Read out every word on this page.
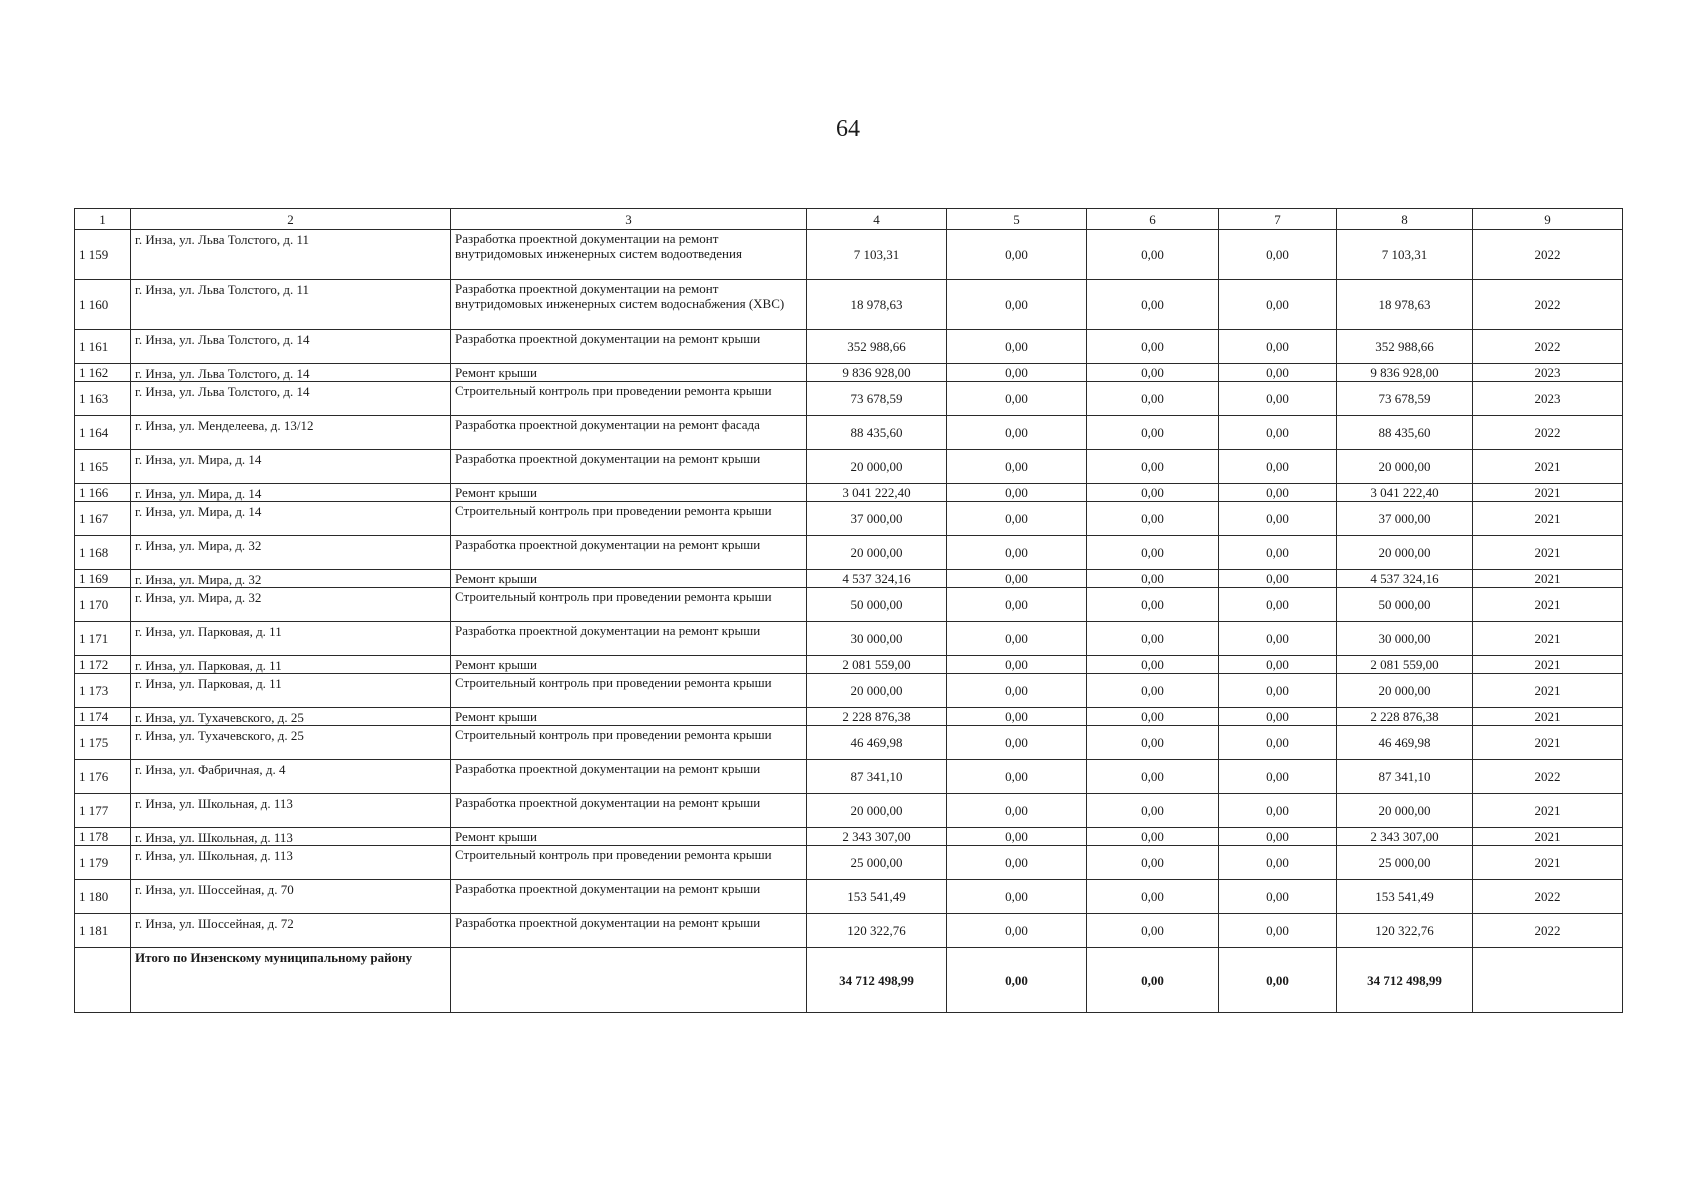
64
1	2	3	4	5	6	7	8	9
1 159	г. Инза, ул. Льва Толстого, д. 11	Разработка проектной документации на ремонт внутридомовых инженерных систем водоотведения	7 103,31	0,00	0,00	0,00	7 103,31	2022
1 160	г. Инза, ул. Льва Толстого, д. 11	Разработка проектной документации на ремонт внутридомовых инженерных систем водоснабжения (ХВС)	18 978,63	0,00	0,00	0,00	18 978,63	2022
1 161	г. Инза, ул. Льва Толстого, д. 14	Разработка проектной документации на ремонт крыши	352 988,66	0,00	0,00	0,00	352 988,66	2022
1 162	г. Инза, ул. Льва Толстого, д. 14	Ремонт крыши	9 836 928,00	0,00	0,00	0,00	9 836 928,00	2023
1 163	г. Инза, ул. Льва Толстого, д. 14	Строительный контроль при проведении ремонта крыши	73 678,59	0,00	0,00	0,00	73 678,59	2023
1 164	г. Инза, ул. Менделеева, д. 13/12	Разработка проектной документации на ремонт фасада	88 435,60	0,00	0,00	0,00	88 435,60	2022
1 165	г. Инза, ул. Мира, д. 14	Разработка проектной документации на ремонт крыши	20 000,00	0,00	0,00	0,00	20 000,00	2021
1 166	г. Инза, ул. Мира, д. 14	Ремонт крыши	3 041 222,40	0,00	0,00	0,00	3 041 222,40	2021
1 167	г. Инза, ул. Мира, д. 14	Строительный контроль при проведении ремонта крыши	37 000,00	0,00	0,00	0,00	37 000,00	2021
1 168	г. Инза, ул. Мира, д. 32	Разработка проектной документации на ремонт крыши	20 000,00	0,00	0,00	0,00	20 000,00	2021
1 169	г. Инза, ул. Мира, д. 32	Ремонт крыши	4 537 324,16	0,00	0,00	0,00	4 537 324,16	2021
1 170	г. Инза, ул. Мира, д. 32	Строительный контроль при проведении ремонта крыши	50 000,00	0,00	0,00	0,00	50 000,00	2021
1 171	г. Инза, ул. Парковая, д. 11	Разработка проектной документации на ремонт крыши	30 000,00	0,00	0,00	0,00	30 000,00	2021
1 172	г. Инза, ул. Парковая, д. 11	Ремонт крыши	2 081 559,00	0,00	0,00	0,00	2 081 559,00	2021
1 173	г. Инза, ул. Парковая, д. 11	Строительный контроль при проведении ремонта крыши	20 000,00	0,00	0,00	0,00	20 000,00	2021
1 174	г. Инза, ул. Тухачевского, д. 25	Ремонт крыши	2 228 876,38	0,00	0,00	0,00	2 228 876,38	2021
1 175	г. Инза, ул. Тухачевского, д. 25	Строительный контроль при проведении ремонта крыши	46 469,98	0,00	0,00	0,00	46 469,98	2021
1 176	г. Инза, ул. Фабричная, д. 4	Разработка проектной документации на ремонт крыши	87 341,10	0,00	0,00	0,00	87 341,10	2022
1 177	г. Инза, ул. Школьная, д. 113	Разработка проектной документации на ремонт крыши	20 000,00	0,00	0,00	0,00	20 000,00	2021
1 178	г. Инза, ул. Школьная, д. 113	Ремонт крыши	2 343 307,00	0,00	0,00	0,00	2 343 307,00	2021
1 179	г. Инза, ул. Школьная, д. 113	Строительный контроль при проведении ремонта крыши	25 000,00	0,00	0,00	0,00	25 000,00	2021
1 180	г. Инза, ул. Шоссейная, д. 70	Разработка проектной документации на ремонт крыши	153 541,49	0,00	0,00	0,00	153 541,49	2022
1 181	г. Инза, ул. Шоссейная, д. 72	Разработка проектной документации на ремонт крыши	120 322,76	0,00	0,00	0,00	120 322,76	2022
	Итого по Инзенскому муниципальному району		34 712 498,99	0,00	0,00	0,00	34 712 498,99	
